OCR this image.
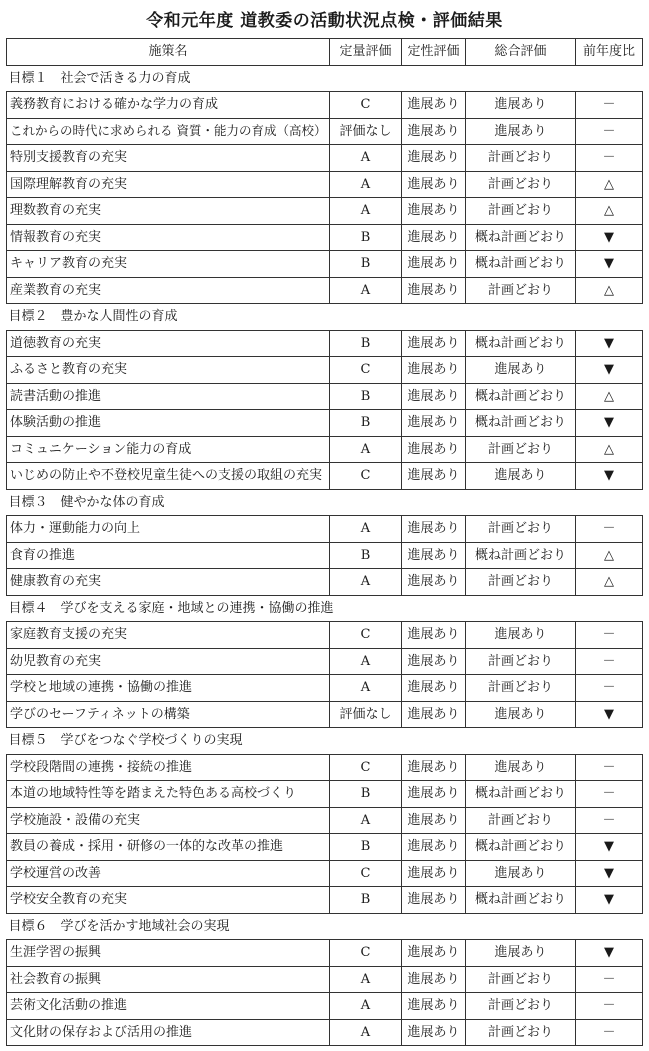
令和元年度 道教委の活動状況点検・評価結果
施策名	定量評価	定性評価	総合評価	前年度比
目標１　社会で活きる力の育成				
義務教育における確かな学力の育成	C	進展あり	進展あり	－
これからの時代に求められる 資質・能力の育成（高校）	評価なし	進展あり	進展あり	－
特別支援教育の充実	A	進展あり	計画どおり	－
国際理解教育の充実	A	進展あり	計画どおり	△
理数教育の充実	A	進展あり	計画どおり	△
情報教育の充実	B	進展あり	概ね計画どおり	▼
キャリア教育の充実	B	進展あり	概ね計画どおり	▼
産業教育の充実	A	進展あり	計画どおり	△
目標２　豊かな人間性の育成				
道徳教育の充実	B	進展あり	概ね計画どおり	▼
ふるさと教育の充実	C	進展あり	進展あり	▼
読書活動の推進	B	進展あり	概ね計画どおり	△
体験活動の推進	B	進展あり	概ね計画どおり	▼
コミュニケーション能力の育成	A	進展あり	計画どおり	△
いじめの防止や不登校児童生徒への支援の取組の充実	C	進展あり	進展あり	▼
目標３　健やかな体の育成				
体力・運動能力の向上	A	進展あり	計画どおり	－
食育の推進	B	進展あり	概ね計画どおり	△
健康教育の充実	A	進展あり	計画どおり	△
目標４　学びを支える家庭・地域との連携・協働の推進				
家庭教育支援の充実	C	進展あり	進展あり	－
幼児教育の充実	A	進展あり	計画どおり	－
学校と地域の連携・協働の推進	A	進展あり	計画どおり	－
学びのセーフティネットの構築	評価なし	進展あり	進展あり	▼
目標５　学びをつなぐ学校づくりの実現				
学校段階間の連携・接続の推進	C	進展あり	進展あり	－
本道の地域特性等を踏まえた特色ある高校づくり	B	進展あり	概ね計画どおり	－
学校施設・設備の充実	A	進展あり	計画どおり	－
教員の養成・採用・研修の一体的な改革の推進	B	進展あり	概ね計画どおり	▼
学校運営の改善	C	進展あり	進展あり	▼
学校安全教育の充実	B	進展あり	概ね計画どおり	▼
目標６　学びを活かす地域社会の実現				
生涯学習の振興	C	進展あり	進展あり	▼
社会教育の振興	A	進展あり	計画どおり	－
芸術文化活動の推進	A	進展あり	計画どおり	－
文化財の保存および活用の推進	A	進展あり	計画どおり	－
